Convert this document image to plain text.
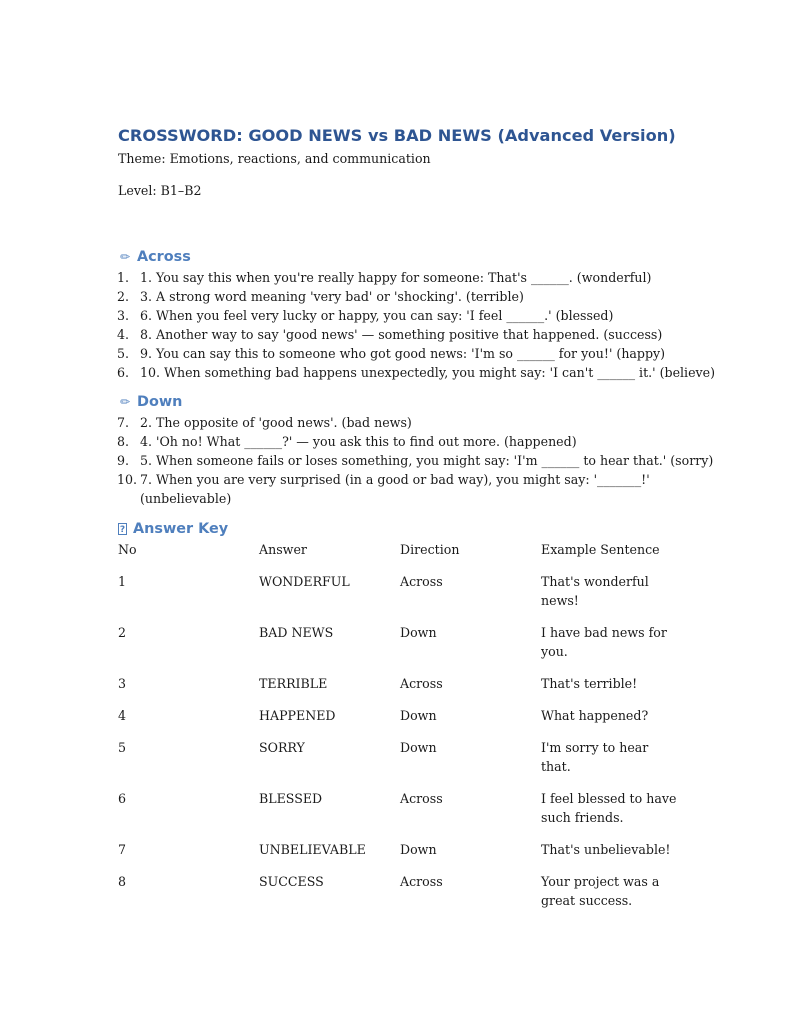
CROSSWORD: GOOD NEWS vs BAD NEWS (Advanced Version)

Theme: Emotions, reactions, and communication

Level: B1–B2

✏ Across
1. 1. You say this when you're really happy for someone: That's ______. (wonderful)
2. 3. A strong word meaning 'very bad' or 'shocking'. (terrible)
3. 6. When you feel very lucky or happy, you can say: 'I feel ______.' (blessed)
4. 8. Another way to say 'good news' — something positive that happened. (success)
5. 9. You can say this to someone who got good news: 'I'm so ______ for you!' (happy)
6. 10. When something bad happens unexpectedly, you might say: 'I can't ______ it.' (believe)
✏ Down
7. 2. The opposite of 'good news'. (bad news)
8. 4. 'Oh no! What ______?' — you ask this to find out more. (happened)
9. 5. When someone fails or loses something, you might say: 'I'm ______ to hear that.' (sorry)
10. 7. When you are very surprised (in a good or bad way), you might say: '_______!' (unbelievable)
? Answer Key
No	Answer	Direction	Example Sentence
1	WONDERFUL	Across	That's wonderful news!
2	BAD NEWS	Down	I have bad news for you.
3	TERRIBLE	Across	That's terrible!
4	HAPPENED	Down	What happened?
5	SORRY	Down	I'm sorry to hear that.
6	BLESSED	Across	I feel blessed to have such friends.
7	UNBELIEVABLE	Down	That's unbelievable!
8	SUCCESS	Across	Your project was a great success.
